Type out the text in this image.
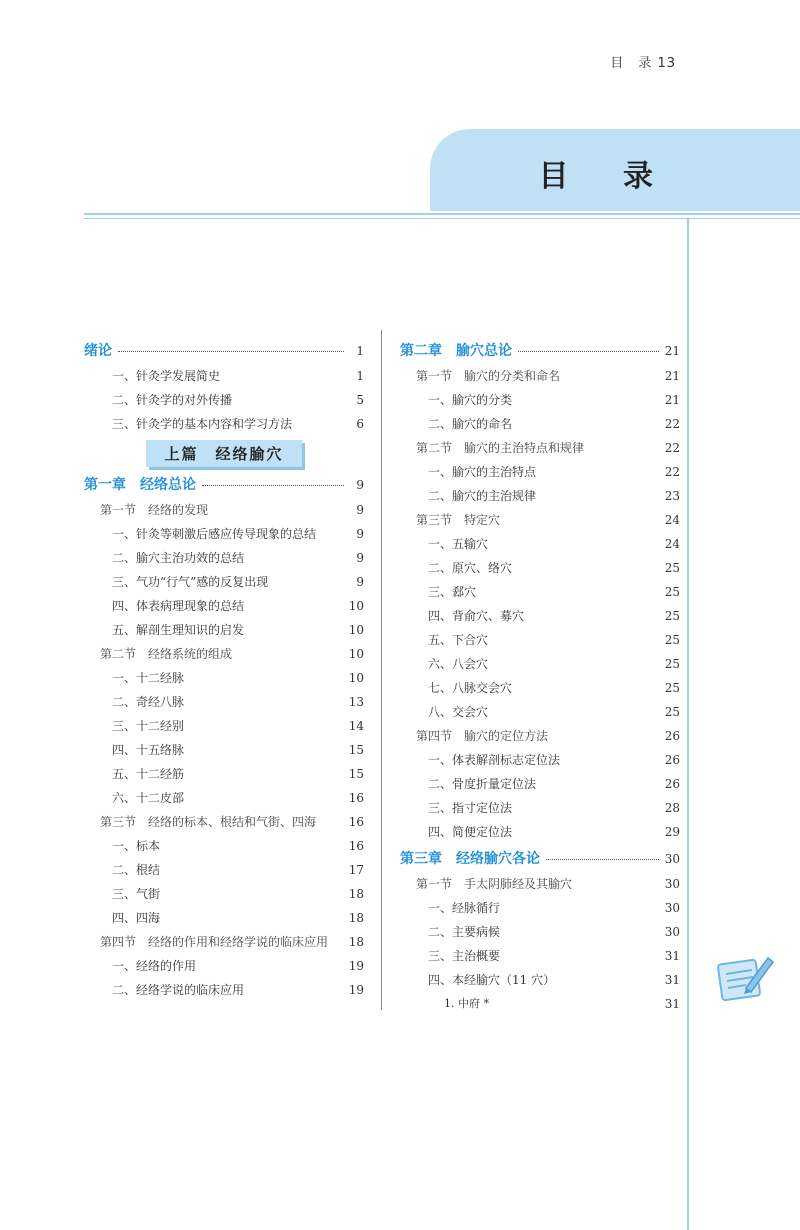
目　录 13
目 录
绪论	1
一、针灸学发展简史	1
二、针灸学的对外传播	5
三、针灸学的基本内容和学习方法	6
上篇　经络腧穴
第一章　经络总论	9
第一节　经络的发现	9
一、针灸等刺激后感应传导现象的总结	9
二、腧穴主治功效的总结	9
三、气功“行气”感的反复出现	9
四、体表病理现象的总结	10
五、解剖生理知识的启发	10
第二节　经络系统的组成	10
一、十二经脉	10
二、奇经八脉	13
三、十二经别	14
四、十五络脉	15
五、十二经筋	15
六、十二皮部	16
第三节　经络的标本、根结和气街、四海	16
一、标本	16
二、根结	17
三、气街	18
四、四海	18
第四节　经络的作用和经络学说的临床应用 18
一、经络的作用	19
二、经络学说的临床应用	19
第二章　腧穴总论	21
第一节　腧穴的分类和命名	21
一、腧穴的分类	21
二、腧穴的命名	22
第二节　腧穴的主治特点和规律	22
一、腧穴的主治特点	22
二、腧穴的主治规律	23
第三节　特定穴	24
一、五输穴	24
二、原穴、络穴	25
三、郄穴	25
四、背俞穴、募穴	25
五、下合穴	25
六、八会穴	25
七、八脉交会穴	25
八、交会穴	25
第四节　腧穴的定位方法	26
一、体表解剖标志定位法	26
二、骨度折量定位法	26
三、指寸定位法	28
四、简便定位法	29
第三章　经络腧穴各论	30
第一节　手太阴肺经及其腧穴	30
一、经脉循行	30
二、主要病候	30
三、主治概要	31
四、本经腧穴（11 穴）	31
1. 中府 *	31
